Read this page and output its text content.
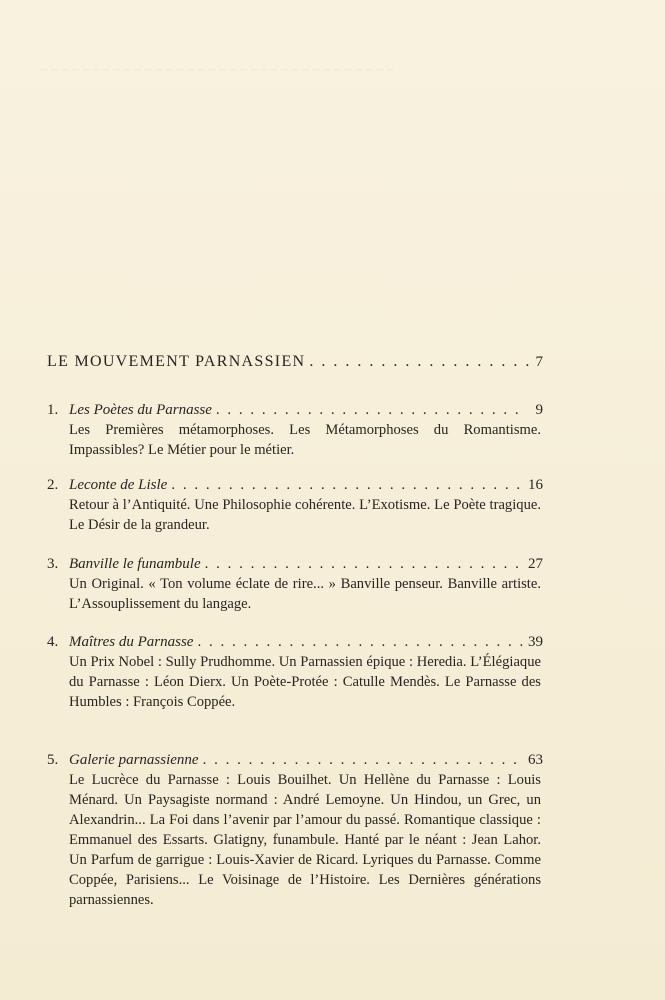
‒ ‒ ‒ ‒ ‒ ‒ ‒ ‒ ‒ ‒ ‒ ‒ ‒ ‒ ‒ ‒ ‒ ‒ ‒ ‒ ‒ ‒ ‒ ‒ ‒ ‒ ‒ ‒ ‒ ‒ ‒ ‒ ‒ ‒
LE MOUVEMENT PARNASSIEN . . .	7
1. Les Poètes du Parnasse . . .	9
Les Premières métamorphoses. Les Métamorphoses du Romantisme. Impassibles? Le Métier pour le métier.
2. Leconte de Lisle . . .	16
Retour à l’Antiquité. Une Philosophie cohérente. L’Exotisme. Le Poète tragique. Le Désir de la grandeur.
3. Banville le funambule . . .	27
Un Original. « Ton volume éclate de rire... » Banville penseur. Banville artiste. L’Assouplissement du langage.
4. Maîtres du Parnasse . . .	39
Un Prix Nobel : Sully Prudhomme. Un Parnassien épique : Heredia. L’Élégiaque du Parnasse : Léon Dierx. Un Poète-Protée : Catulle Mendès. Le Parnasse des Humbles : François Coppée.
5. Galerie parnassienne . . .	63
Le Lucrèce du Parnasse : Louis Bouilhet. Un Hellène du Parnasse : Louis Ménard. Un Paysagiste normand : André Lemoyne. Un Hindou, un Grec, un Alexandrin... La Foi dans l’avenir par l’amour du passé. Romantique classique : Emmanuel des Essarts. Glatigny, funambule. Hanté par le néant : Jean Lahor. Un Parfum de garrigue : Louis-Xavier de Ricard. Lyriques du Parnasse. Comme Coppée, Parisiens... Le Voisinage de l’Histoire. Les Dernières générations parnassiennes.
